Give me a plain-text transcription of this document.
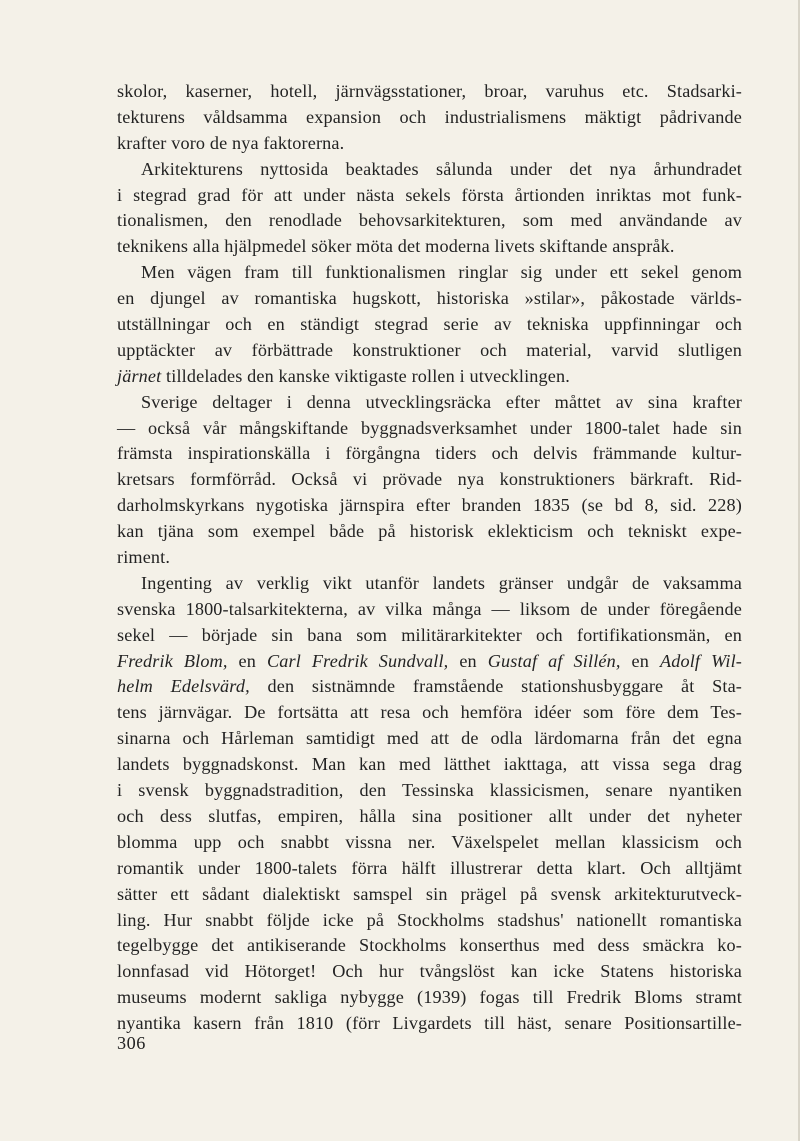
skolor, kaserner, hotell, järnvägsstationer, broar, varuhus etc. Stadsarki-
tekturens våldsamma expansion och industrialismens mäktigt pådrivande
krafter voro de nya faktorerna.
Arkitekturens nyttosida beaktades sålunda under det nya århundradet
i stegrad grad för att under nästa sekels första årtionden inriktas mot funk-
tionalismen, den renodlade behovsarkitekturen, som med användande av
teknikens alla hjälpmedel söker möta det moderna livets skiftande anspråk.
Men vägen fram till funktionalismen ringlar sig under ett sekel genom
en djungel av romantiska hugskott, historiska »stilar», påkostade världs-
utställningar och en ständigt stegrad serie av tekniska uppfinningar och
upptäckter av förbättrade konstruktioner och material, varvid slutligen
järnet tilldelades den kanske viktigaste rollen i utvecklingen.
Sverige deltager i denna utvecklingsräcka efter måttet av sina krafter
— också vår mångskiftande byggnadsverksamhet under 1800-talet hade sin
främsta inspirationskälla i förgångna tiders och delvis främmande kultur-
kretsars formförråd. Också vi prövade nya konstruktioners bärkraft. Rid-
darholmskyrkans nygotiska järnspira efter branden 1835 (se bd 8, sid. 228)
kan tjäna som exempel både på historisk eklekticism och tekniskt expe-
riment.
Ingenting av verklig vikt utanför landets gränser undgår de vaksamma
svenska 1800-talsarkitekterna, av vilka många — liksom de under föregående
sekel — började sin bana som militärarkitekter och fortifikationsmän, en
Fredrik Blom, en Carl Fredrik Sundvall, en Gustaf af Sillén, en Adolf Wil-
helm Edelsvärd, den sistnämnde framstående stationshusbyggare åt Sta-
tens järnvägar. De fortsätta att resa och hemföra idéer som före dem Tes-
sinarna och Hårleman samtidigt med att de odla lärdomarna från det egna
landets byggnadskonst. Man kan med lätthet iakttaga, att vissa sega drag
i svensk byggnadstradition, den Tessinska klassicismen, senare nyantiken
och dess slutfas, empiren, hålla sina positioner allt under det nyheter
blomma upp och snabbt vissna ner. Växelspelet mellan klassicism och
romantik under 1800-talets förra hälft illustrerar detta klart. Och alltjämt
sätter ett sådant dialektiskt samspel sin prägel på svensk arkitekturutveck-
ling. Hur snabbt följde icke på Stockholms stadshus' nationellt romantiska
tegelbygge det antikiserande Stockholms konserthus med dess smäckra ko-
lonnfasad vid Hötorget! Och hur tvångslöst kan icke Statens historiska
museums modernt sakliga nybygge (1939) fogas till Fredrik Bloms stramt
nyantika kasern från 1810 (förr Livgardets till häst, senare Positionsartille-
306
